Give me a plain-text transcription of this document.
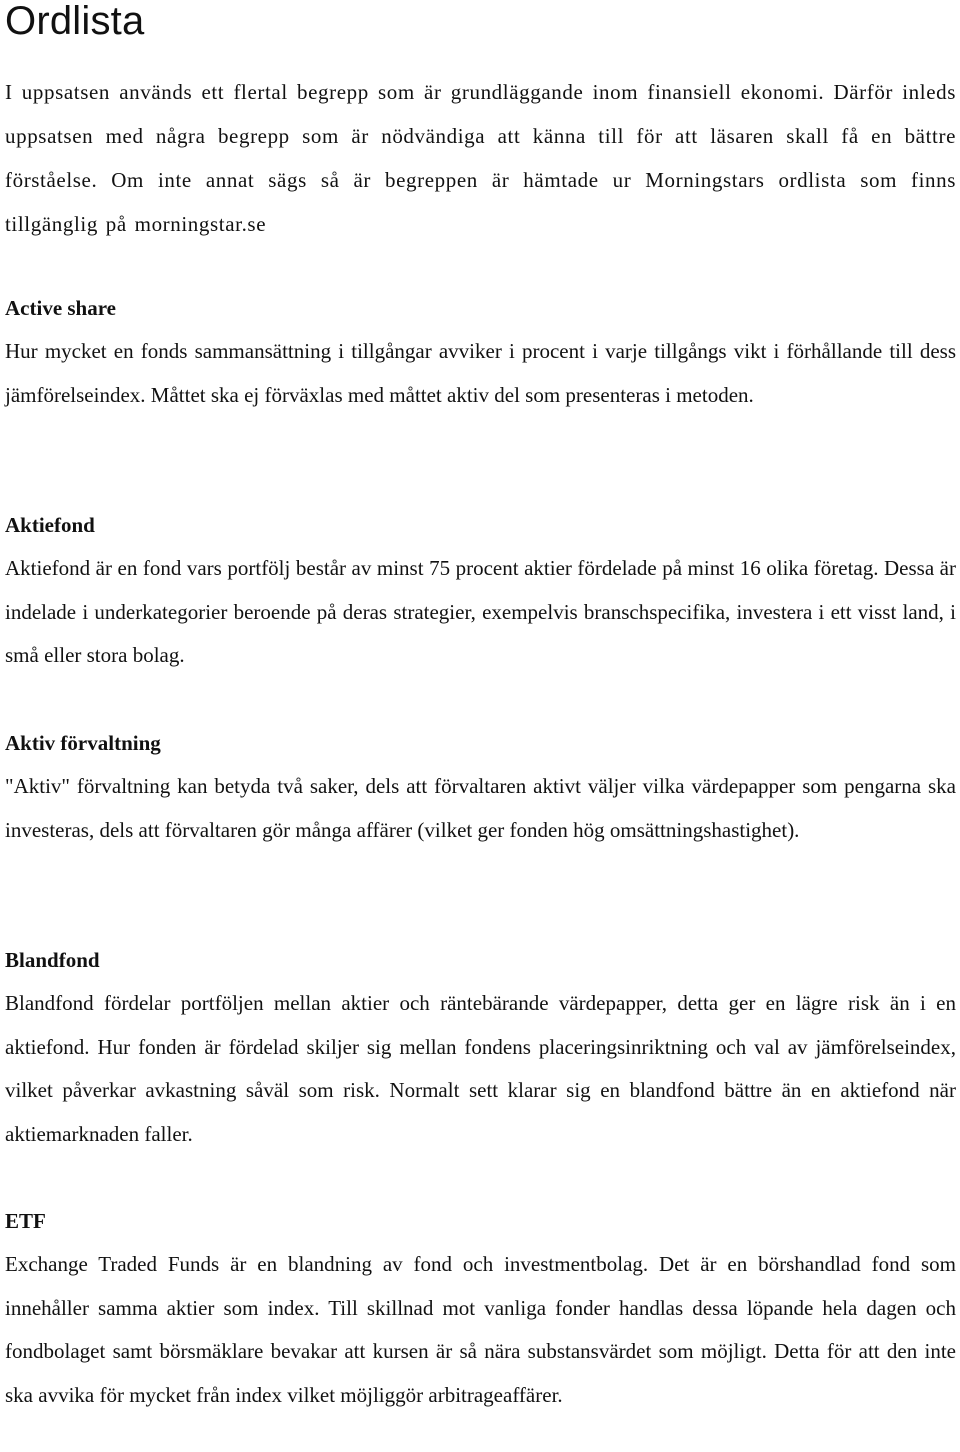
Ordlista

I uppsatsen används ett flertal begrepp som är grundläggande inom finansiell ekonomi. Därför inleds uppsatsen med några begrepp som är nödvändiga att känna till för att läsaren skall få en bättre förståelse. Om inte annat sägs så är begreppen är hämtade ur Morningstars ordlista som finns tillgänglig på morningstar.se

Active share

Hur mycket en fonds sammansättning i tillgångar avviker i procent i varje tillgångs vikt i förhållande till dess jämförelseindex. Måttet ska ej förväxlas med måttet aktiv del som presenteras i metoden.

Aktiefond

Aktiefond är en fond vars portfölj består av minst 75 procent aktier fördelade på minst 16 olika företag. Dessa är indelade i underkategorier beroende på deras strategier, exempelvis branschspecifika, investera i ett visst land, i små eller stora bolag.

Aktiv förvaltning

"Aktiv" förvaltning kan betyda två saker, dels att förvaltaren aktivt väljer vilka värdepapper som pengarna ska investeras, dels att förvaltaren gör många affärer (vilket ger fonden hög omsättningshastighet).

Blandfond

Blandfond fördelar portföljen mellan aktier och räntebärande värdepapper, detta ger en lägre risk än i en aktiefond. Hur fonden är fördelad skiljer sig mellan fondens placeringsinriktning och val av jämförelseindex, vilket påverkar avkastning såväl som risk. Normalt sett klarar sig en blandfond bättre än en aktiefond när aktiemarknaden faller.

ETF

Exchange Traded Funds är en blandning av fond och investmentbolag. Det är en börshandlad fond som innehåller samma aktier som index. Till skillnad mot vanliga fonder handlas dessa löpande hela dagen och fondbolaget samt börsmäklare bevakar att kursen är så nära substansvärdet som möjligt. Detta för att den inte ska avvika för mycket från index vilket möjliggör arbitrageaffärer.
